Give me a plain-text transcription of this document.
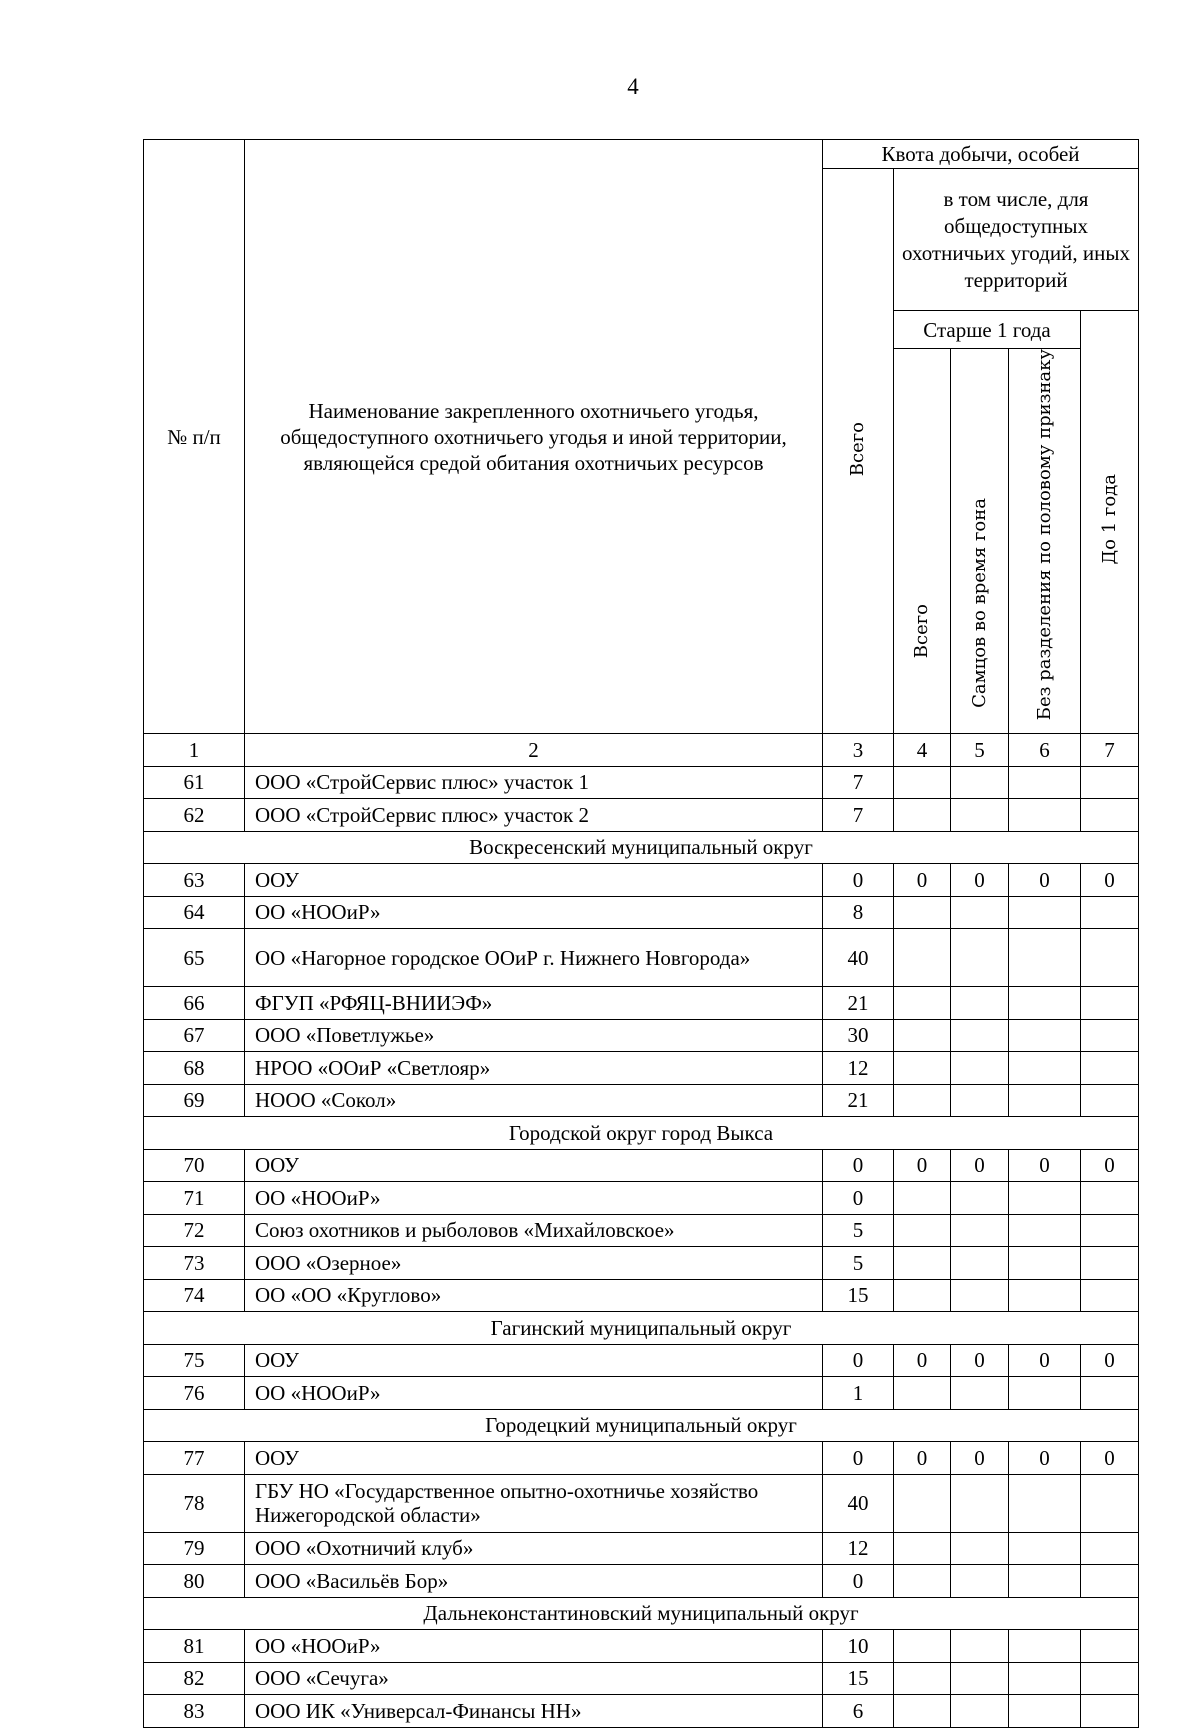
4
№ п/п	Наименование закрепленного охотничьего угодья, общедоступного охотничьего угодья и иной территории, являющейся средой обитания охотничьих ресурсов	Квота добычи, особей				
		Всего	в том числе, для общедоступных охотничьих угодий, иных территорий			
			Старше 1 года			До 1 года
			Всего	Самцов во время гона	Без разделения по половому признаку	
1	2	3	4	5	6	7
61	ООО «СтройСервис плюс» участок 1	7				
62	ООО «СтройСервис плюс» участок 2	7				
Воскресенский муниципальный округ						
63	ООУ	0	0	0	0	0
64	ОО «НООиР»	8				
65	ОО «Нагорное городское ООиР г. Нижнего Новгорода»	40				
66	ФГУП «РФЯЦ-ВНИИЭФ»	21				
67	ООО «Поветлужье»	30				
68	НРОО «ООиР «Светлояр»	12				
69	НООО «Сокол»	21				
Городской округ город Выкса						
70	ООУ	0	0	0	0	0
71	ОО «НООиР»	0				
72	Союз охотников и рыболовов «Михайловское»	5				
73	ООО «Озерное»	5				
74	ОО «ОО «Круглово»	15				
Гагинский муниципальный округ						
75	ООУ	0	0	0	0	0
76	ОО «НООиР»	1				
Городецкий муниципальный округ						
77	ООУ	0	0	0	0	0
78	ГБУ НО «Государственное опытно-охотничье хозяйство Нижегородской области»	40				
79	ООО «Охотничий клуб»	12				
80	ООО «Васильёв Бор»	0				
Дальнеконстантиновский муниципальный округ						
81	ОО «НООиР»	10				
82	ООО «Сечуга»	15				
83	ООО ИК «Универсал-Финансы НН»	6				
